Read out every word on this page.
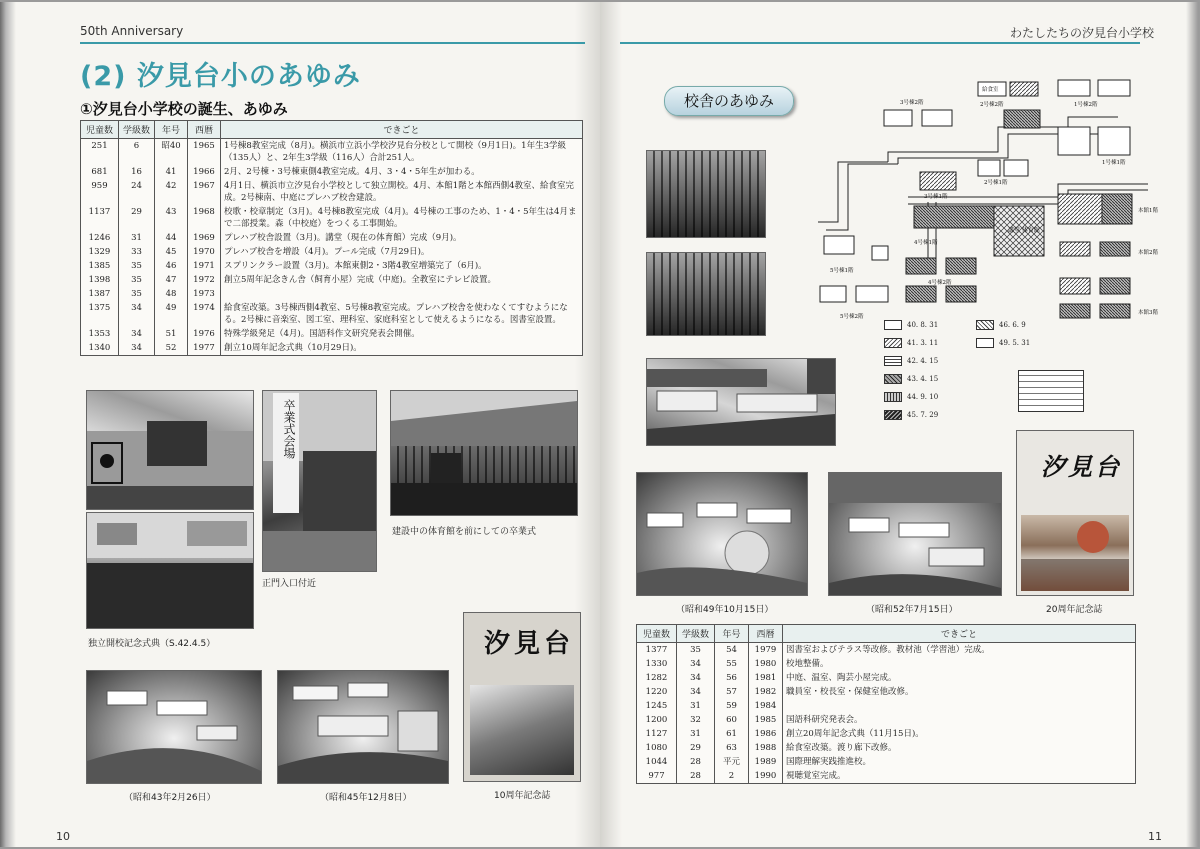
50th Anniversary
(2) 汐見台小のあゆみ
①汐見台小学校の誕生、あゆみ
児童数	学級数	年号	西暦	できごと
251	6	昭40	1965	1号棟8教室完成（8月)。横浜市立浜小学校汐見台分校として開校（9月1日)。1年生3学級（135人）と、2年生3学級（116人）合計251人。
681	16	41	1966	2月、2号棟・3号棟東側4教室完成。4月、3・4・5年生が加わる。
959	24	42	1967	4月1日、横浜市立汐見台小学校として独立開校。4月、本館1階と本館西側4教室、給食室完成。2号棟南、中庭にプレハブ校舎建設。
1137	29	43	1968	校歌・校章制定（3月)。4号棟8教室完成（4月)。4号棟の工事のため、1・4・5年生は4月まで二部授業。森（中校庭）をつくる工事開始。
1246	31	44	1969	プレハブ校舎設置（3月)。講堂（現在の体育館）完成（9月)。
1329	33	45	1970	プレハブ校舎を増設（4月)。プール完成（7月29日)。
1385	35	46	1971	スプリンクラー設置（3月)。本館東側2・3階4教室増築完了（6月)。
1398	35	47	1972	創立5周年記念きん舎（飼育小屋）完成（中庭)。全教室にテレビ設置。
1387	35	48	1973	
1375	34	49	1974	給食室改築。3号棟西側4教室、5号棟8教室完成。プレハブ校舎を使わなくてすむようになる。2号棟に音楽室、図工室、理科室、家庭科室として使えるようになる。図書室設置。
1353	34	51	1976	特殊学級発足（4月)。国語科作文研究発表会開催。
1340	34	52	1977	創立10周年記念式典（10月29日)。
独立開校記念式典（S.42.4.5）
卒業式会場
正門入口付近
建設中の体育館を前にしての卒業式
（昭和43年2月26日）	（昭和45年12月8日）
汐見台
10周年記念誌
10
わたしたちの汐見台小学校
11
校舎のあゆみ	3号棟2階
給食室
2号棟2階	1号棟2階
1号棟1階
2号棟1階
3号棟1階
4号棟1階
講堂 体育館
本館1階
本館2階
本館3階
5号棟1階
4号棟2階
5号棟2階
40. 8. 31	46. 6. 9
41. 3. 11	49. 5. 31
42. 4. 15
43. 4. 15
44. 9. 10
45. 7. 29
（昭和49年10月15日）	（昭和52年7月15日）
汐見台
20周年記念誌
児童数	学級数	年号	西暦	できごと
1377	35	54	1979	図書室およびテラス等改修。教材池（学習池）完成。
1330	34	55	1980	校地整備。
1282	34	56	1981	中庭、温室、陶芸小屋完成。
1220	34	57	1982	職員室・校長室・保健室他改修。
1245	31	59	1984	
1200	32	60	1985	国語科研究発表会。
1127	31	61	1986	創立20周年記念式典（11月15日)。
1080	29	63	1988	給食室改築。渡り廊下改修。
1044	28	平元	1989	国際理解実践推進校。
977	28	2	1990	視聴覚室完成。
